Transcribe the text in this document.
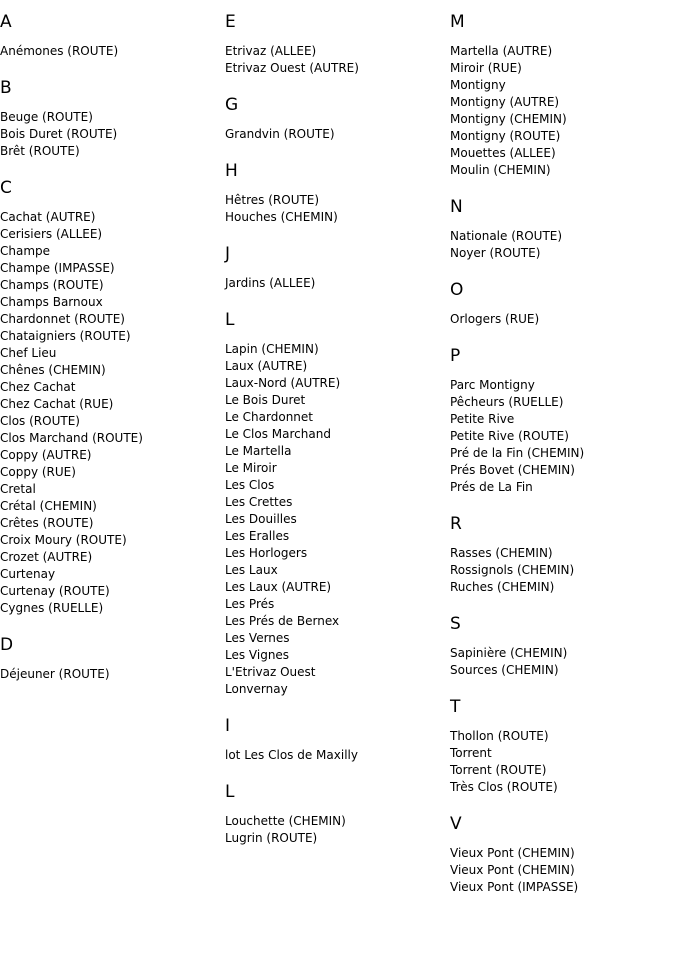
A
Anémones (ROUTE)
B
Beuge (ROUTE)
Bois Duret (ROUTE)
Brêt (ROUTE)
C
Cachat (AUTRE)
Cerisiers (ALLEE)
Champe
Champe (IMPASSE)
Champs (ROUTE)
Champs Barnoux
Chardonnet (ROUTE)
Chataigniers (ROUTE)
Chef Lieu
Chênes (CHEMIN)
Chez Cachat
Chez Cachat (RUE)
Clos (ROUTE)
Clos Marchand (ROUTE)
Coppy (AUTRE)
Coppy (RUE)
Cretal
Crétal (CHEMIN)
Crêtes (ROUTE)
Croix Moury (ROUTE)
Crozet (AUTRE)
Curtenay
Curtenay (ROUTE)
Cygnes (RUELLE)
D
Déjeuner (ROUTE)
E
Etrivaz (ALLEE)
Etrivaz Ouest (AUTRE)
G
Grandvin (ROUTE)
H
Hêtres (ROUTE)
Houches (CHEMIN)
J
Jardins (ALLEE)
L
Lapin (CHEMIN)
Laux (AUTRE)
Laux-Nord (AUTRE)
Le Bois Duret
Le Chardonnet
Le Clos Marchand
Le Martella
Le Miroir
Les Clos
Les Crettes
Les Douilles
Les Eralles
Les Horlogers
Les Laux
Les Laux (AUTRE)
Les Prés
Les Prés de Bernex
Les Vernes
Les Vignes
L'Etrivaz Ouest
Lonvernay
I
lot Les Clos de Maxilly
L
Louchette (CHEMIN)
Lugrin (ROUTE)
M
Martella (AUTRE)
Miroir (RUE)
Montigny
Montigny (AUTRE)
Montigny (CHEMIN)
Montigny (ROUTE)
Mouettes (ALLEE)
Moulin (CHEMIN)
N
Nationale (ROUTE)
Noyer (ROUTE)
O
Orlogers (RUE)
P
Parc Montigny
Pêcheurs (RUELLE)
Petite Rive
Petite Rive (ROUTE)
Pré de la Fin (CHEMIN)
Prés Bovet (CHEMIN)
Prés de La Fin
R
Rasses (CHEMIN)
Rossignols (CHEMIN)
Ruches (CHEMIN)
S
Sapinière (CHEMIN)
Sources (CHEMIN)
T
Thollon (ROUTE)
Torrent
Torrent (ROUTE)
Très Clos (ROUTE)
V
Vieux Pont (CHEMIN)
Vieux Pont (CHEMIN)
Vieux Pont (IMPASSE)
